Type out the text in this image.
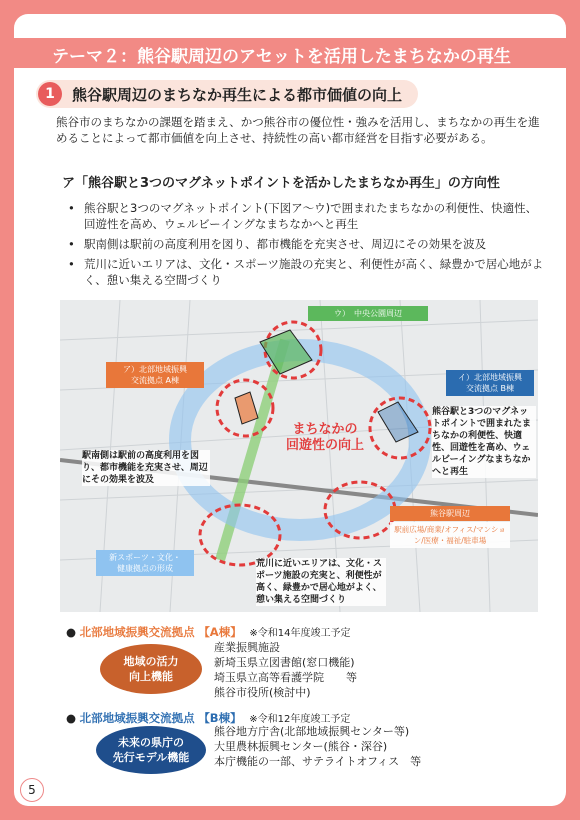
テーマ２：熊谷駅周辺のアセットを活用したまちなかの再生
1	熊谷駅周辺のまちなか再生による都市価値の向上

熊谷市のまちなかの課題を踏まえ、かつ熊谷市の優位性・強みを活用し、まちなかの再生を進めることによって都市価値を向上させ、持続性の高い都市経営を目指す必要がある。

ア「熊谷駅と3つのマグネットポイントを活かしたまちなか再生」の方向性
• 熊谷駅と3つのマグネットポイント(下図ア〜ウ)で囲まれたまちなかの利便性、快適性、回遊性を高め、ウェルビーイングなまちなかへと再生
• 駅南側は駅前の高度利用を図り、都市機能を充実させ、周辺にその効果を波及
• 荒川に近いエリアは、文化・スポーツ施設の充実と、利便性が高く、緑豊かで居心地がよく、憩い集える空間づくり
ウ）　中央公園周辺
ア）北部地域振興
交流拠点 A棟	イ）北部地域振興
交流拠点 B棟
熊谷駅周辺
駅前広場/商業/オフィス/マンション/医療・福祉/駐車場
新スポーツ・文化・
健康拠点の形成
まちなかの
回遊性の向上
熊谷駅と3つのマグネットポイントで囲まれたまちなかの利便性、快適性、回遊性を高め、ウェルビーイングなまちなかへと再生
駅南側は駅前の高度利用を図り、都市機能を充実させ、周辺にその効果を波及
荒川に近いエリアは、文化・スポーツ施設の充実と、利便性が高く、緑豊かで居心地がよく、憩い集える空間づくり
● 北部地域振興交流拠点 【A棟】 ※令和14年度竣工予定
地域の活力
向上機能
産業振興施設
新埼玉県立図書館(窓口機能)
埼玉県立高等看護学院　　等
熊谷市役所(検討中)
● 北部地域振興交流拠点 【B棟】 ※令和12年度竣工予定
未来の県庁の
先行モデル機能
熊谷地方庁舎(北部地域振興センター等)
大里農林振興センター(熊谷・深谷)
本庁機能の一部、サテライトオフィス　等
5
